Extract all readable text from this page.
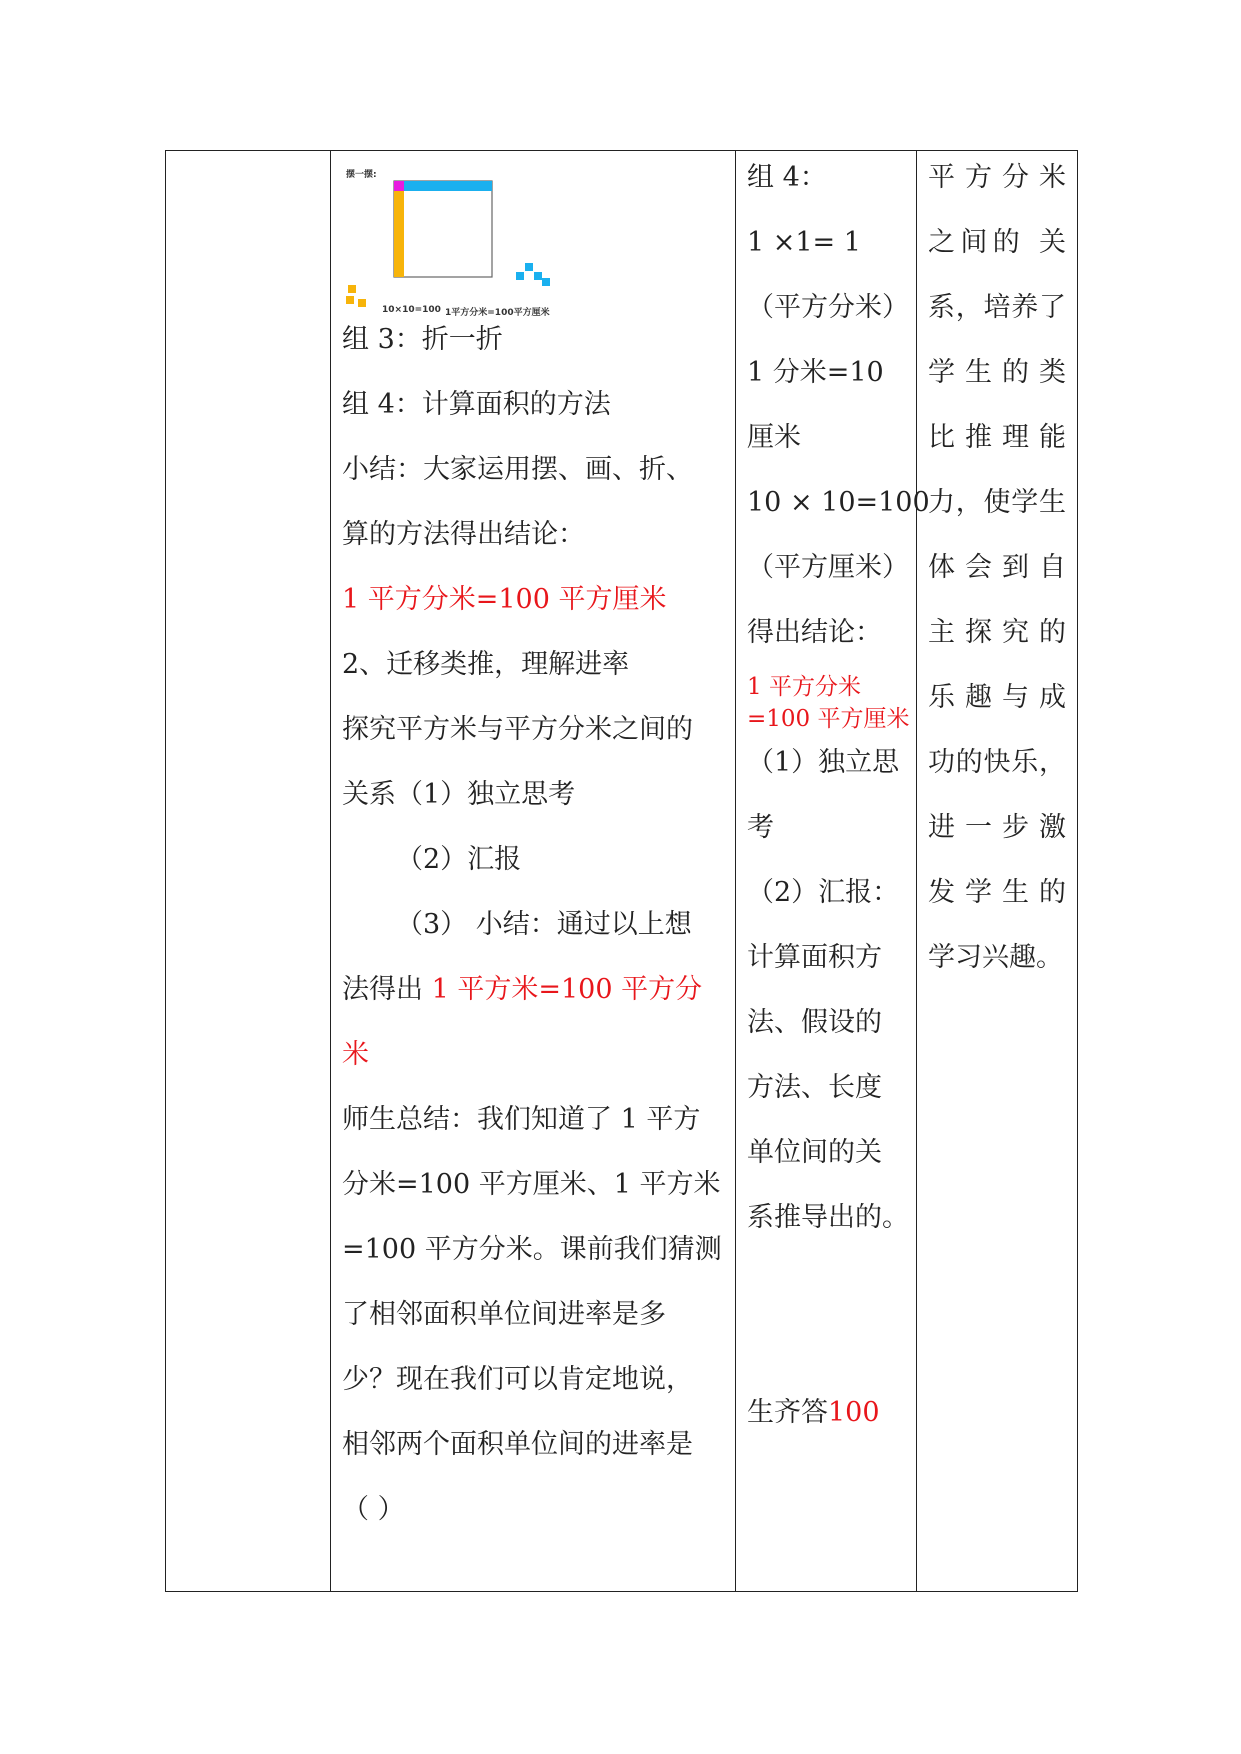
摆一摆:
10×10=100 1平方分米=100平方厘米
组 3：折一折
组 4：计算面积的方法
小结：大家运用摆、画、折、
算的方法得出结论：
1 平方分米=100 平方厘米
2、迁移类推，理解进率
探究平方米与平方分米之间的
关系（1）独立思考
（2）汇报
（3） 小结：通过以上想
法得出 1 平方米=100 平方分
米
师生总结：我们知道了 1 平方
分米=100 平方厘米、1 平方米
=100 平方分米。课前我们猜测
了相邻面积单位间进率是多
少？现在我们可以肯定地说，
相邻两个面积单位间的进率是
（ ）
组 4：
1 ×1= 1
（平方分米）
1 分米=10
厘米
10 × 10=100
（平方厘米）
得出结论：
1 平方分米
=100 平方厘米
（1）独立思
考
（2）汇报：
计算面积方
法、假设的
方法、长度
单位间的关
系推导出的。
生齐答100
平方分米
之间的 关
系，培养了
学生的类
比推理能
力，使学生
体会到自
主探究的
乐趣与成
功的快乐，
进一步激
发学生的
学习兴趣。
